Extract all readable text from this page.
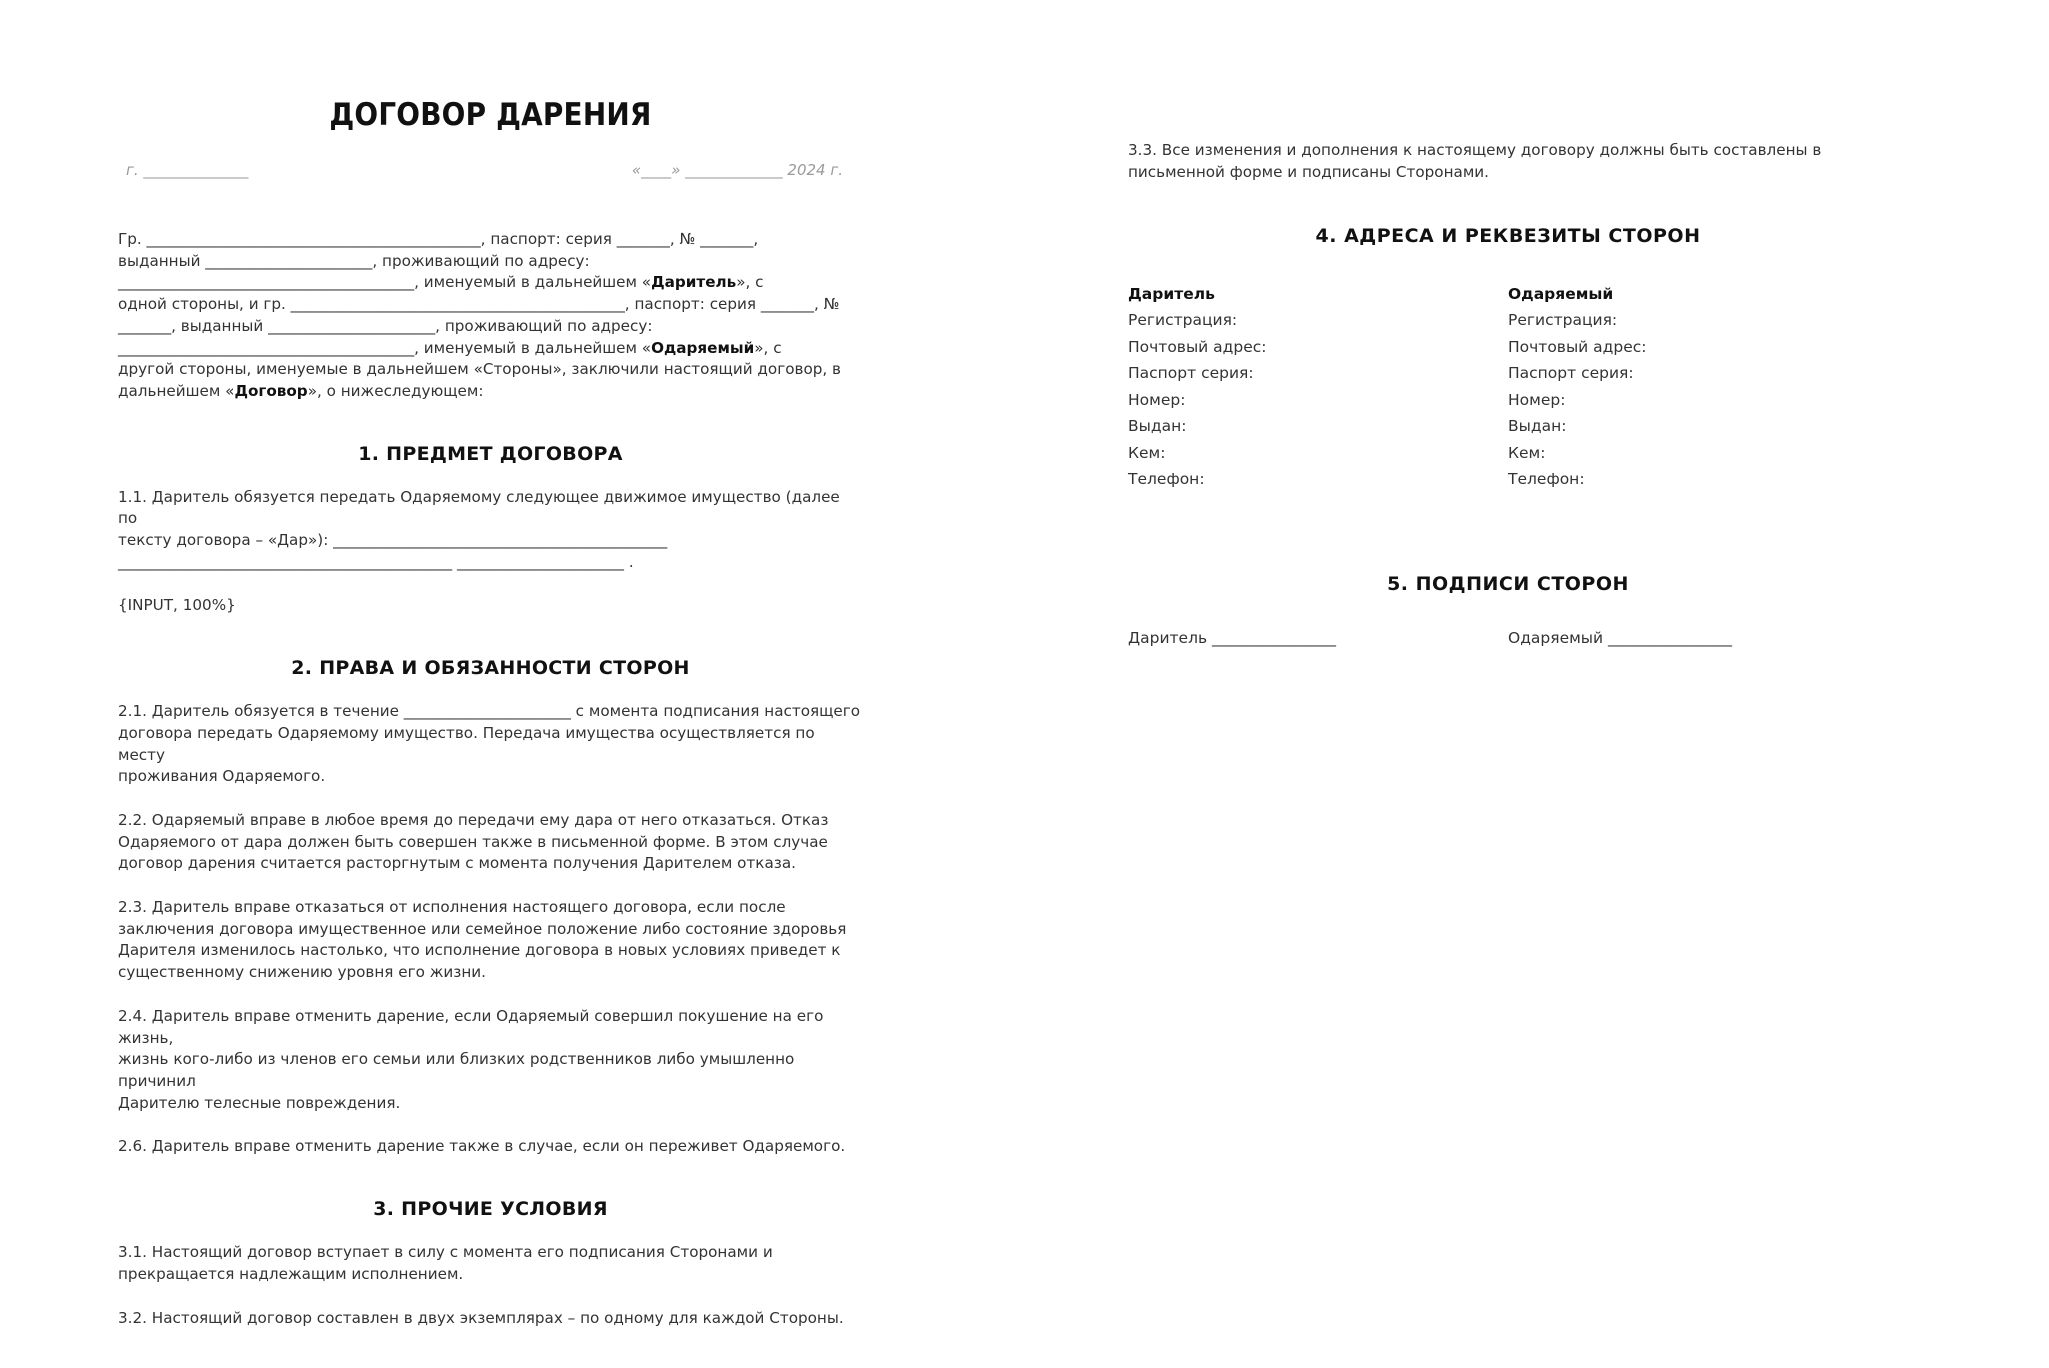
ДОГОВОР ДАРЕНИЯ
г. ______________	«____» _____________ 2024 г.

Гр. ____________________________________________, паспорт: серия _______, № _______,

выданный ______________________, проживающий по адресу:

_______________________________________, именуемый в дальнейшем «Даритель», с

одной стороны, и гр. ____________________________________________, паспорт: серия _______, №

_______, выданный ______________________, проживающий по адресу:

_______________________________________, именуемый в дальнейшем «Одаряемый», с

другой стороны, именуемые в дальнейшем «Стороны», заключили настоящий договор, в

дальнейшем «Договор», о нижеследующем:

1. ПРЕДМЕТ ДОГОВОРА

1.1. Даритель обязуется передать Одаряемому следующее движимое имущество (далее по
тексту договора – «Дар»): ____________________________________________
____________________________________________ ______________________ .

{INPUT, 100%}

2. ПРАВА И ОБЯЗАННОСТИ СТОРОН

2.1. Даритель обязуется в течение ______________________ с момента подписания настоящего
договора передать Одаряемому имущество. Передача имущества осуществляется по месту
проживания Одаряемого.

2.2. Одаряемый вправе в любое время до передачи ему дара от него отказаться. Отказ
Одаряемого от дара должен быть совершен также в письменной форме. В этом случае
договор дарения считается расторгнутым с момента получения Дарителем отказа.

2.3. Даритель вправе отказаться от исполнения настоящего договора, если после
заключения договора имущественное или семейное положение либо состояние здоровья
Дарителя изменилось настолько, что исполнение договора в новых условиях приведет к
существенному снижению уровня его жизни.

2.4. Даритель вправе отменить дарение, если Одаряемый совершил покушение на его жизнь,
жизнь кого-либо из членов его семьи или близких родственников либо умышленно причинил
Дарителю телесные повреждения.

2.6. Даритель вправе отменить дарение также в случае, если он переживет Одаряемого.

3. ПРОЧИЕ УСЛОВИЯ

3.1. Настоящий договор вступает в силу с момента его подписания Сторонами и
прекращается надлежащим исполнением.

3.2. Настоящий договор составлен в двух экземплярах – по одному для каждой Стороны.

3.3. Все изменения и дополнения к настоящему договору должны быть составлены в
письменной форме и подписаны Сторонами.

4. АДРЕСА И РЕКВЕЗИТЫ СТОРОН
Даритель
Регистрация:
Почтовый адрес:
Паспорт серия:
Номер:
Выдан:
Кем:
Телефон:
Одаряемый
Регистрация:
Почтовый адрес:
Паспорт серия:
Номер:
Выдан:
Кем:
Телефон:
5. ПОДПИСИ СТОРОН
Даритель ________________	Одаряемый ________________
